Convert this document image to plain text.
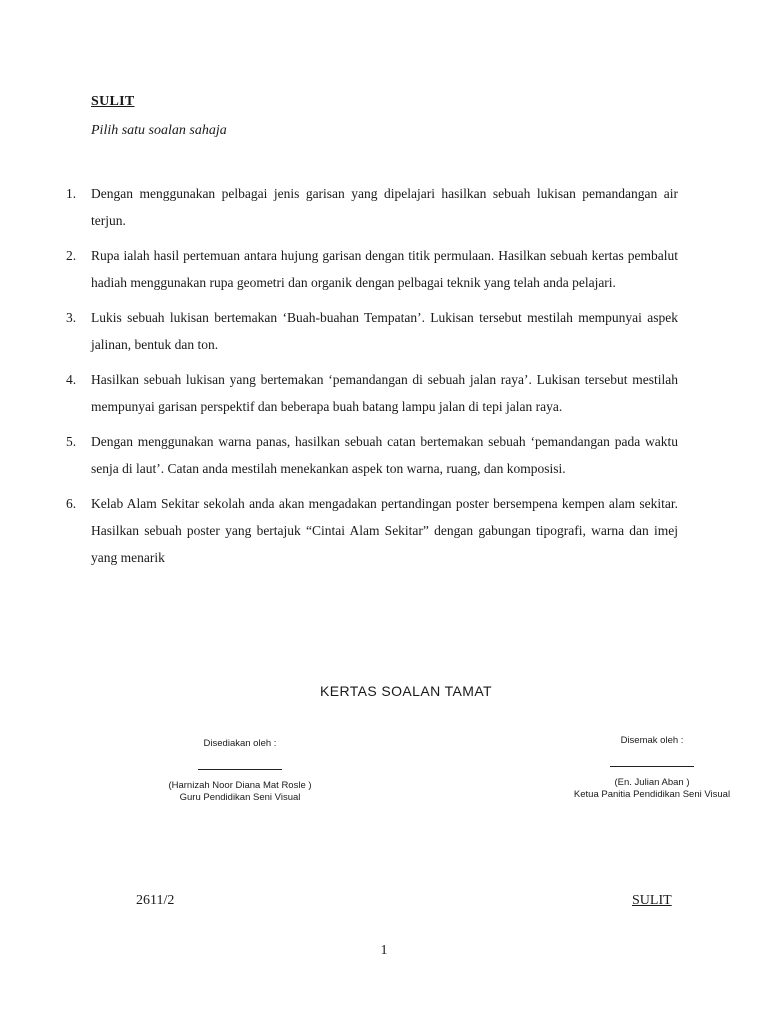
SULIT
Pilih satu soalan sahaja
1. Dengan menggunakan pelbagai jenis garisan yang dipelajari hasilkan sebuah lukisan pemandangan air terjun.
2. Rupa ialah hasil pertemuan antara hujung garisan dengan titik permulaan. Hasilkan sebuah kertas pembalut hadiah menggunakan rupa geometri dan organik dengan pelbagai teknik yang telah anda pelajari.
3. Lukis sebuah lukisan bertemakan ‘Buah-buahan Tempatan’. Lukisan tersebut mestilah mempunyai aspek jalinan, bentuk dan ton.
4. Hasilkan sebuah lukisan yang bertemakan ‘pemandangan di sebuah jalan raya’. Lukisan tersebut mestilah mempunyai garisan perspektif dan beberapa buah batang lampu jalan di tepi jalan raya.
5. Dengan menggunakan warna panas, hasilkan sebuah catan bertemakan sebuah ‘pemandangan pada waktu senja di laut’. Catan anda mestilah menekankan aspek ton warna, ruang, dan komposisi.
6. Kelab Alam Sekitar sekolah anda akan mengadakan pertandingan poster bersempena kempen alam sekitar. Hasilkan sebuah poster yang bertajuk “Cintai Alam Sekitar” dengan gabungan tipografi, warna dan imej yang menarik
KERTAS SOALAN TAMAT
Disediakan oleh :
(Harnizah Noor Diana Mat Rosle )
Guru Pendidikan Seni Visual
Disemak oleh :
(En. Julian Aban )
Ketua Panitia Pendidikan Seni Visual
2611/2	SULIT
1
